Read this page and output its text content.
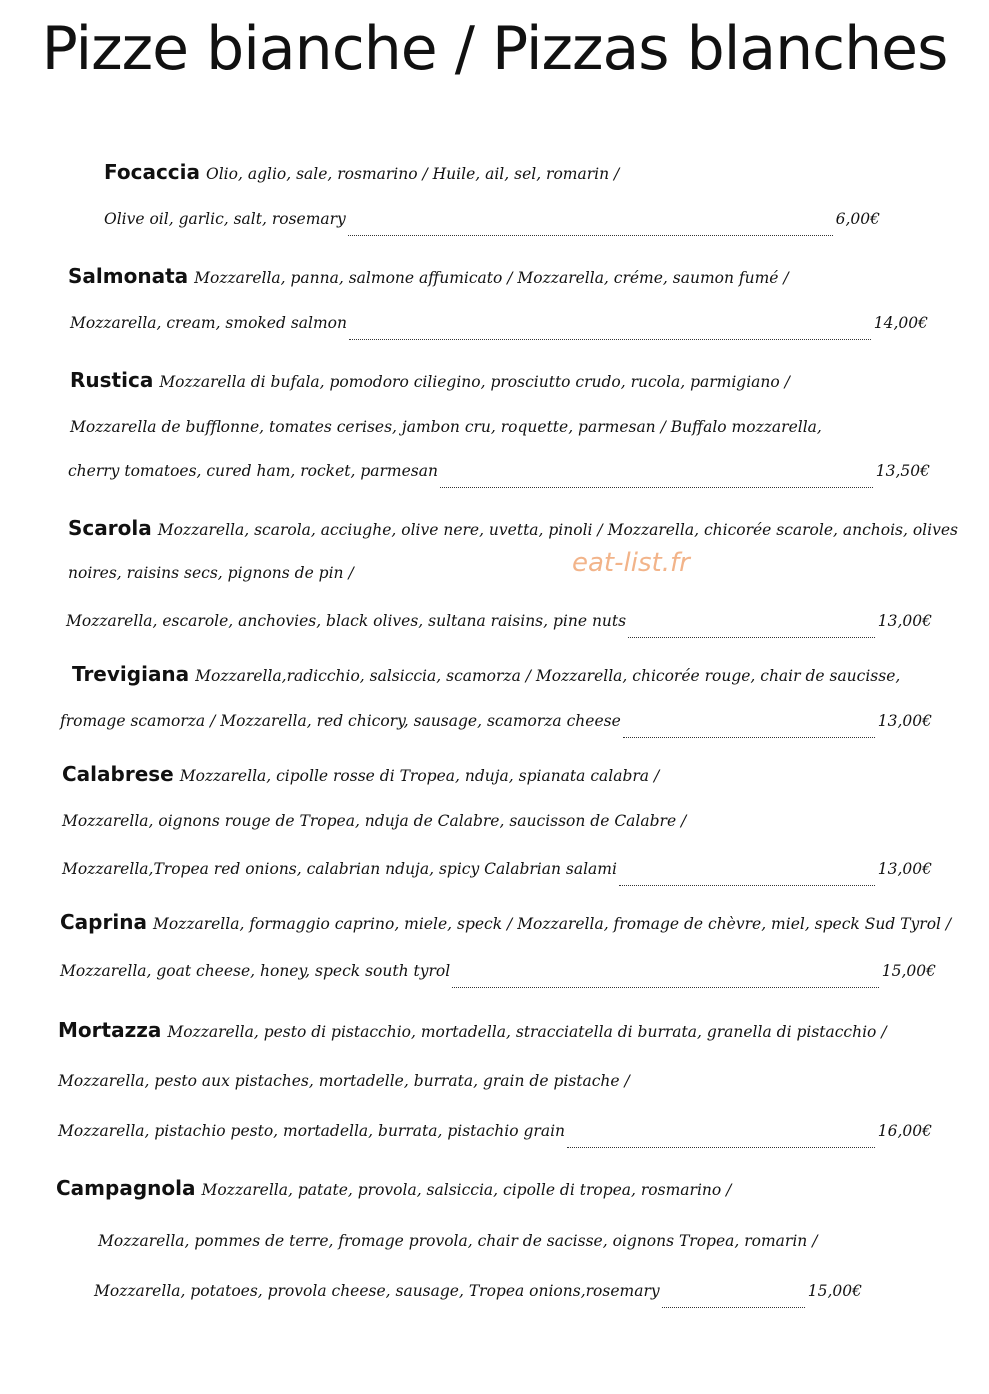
Pizze bianche / Pizzas blanches
Focaccia Olio, aglio, sale, rosmarino / Huile, ail, sel, romarin /
Olive oil, garlic, salt, rosemary	6,00€
Salmonata Mozzarella, panna, salmone affumicato / Mozzarella, créme, saumon fumé /
Mozzarella, cream, smoked salmon	14,00€
Rustica Mozzarella di bufala, pomodoro ciliegino, prosciutto crudo, rucola, parmigiano /
Mozzarella de bufflonne, tomates cerises, jambon cru, roquette, parmesan / Buffalo mozzarella,
cherry tomatoes, cured ham, rocket, parmesan	13,50€
Scarola Mozzarella, scarola, acciughe, olive nere, uvetta, pinoli / Mozzarella, chicorée scarole, anchois, olives
noires, raisins secs, pignons de pin /
Mozzarella, escarole, anchovies, black olives, sultana raisins, pine nuts	13,00€
Trevigiana Mozzarella,radicchio, salsiccia, scamorza / Mozzarella, chicorée rouge, chair de saucisse,
fromage scamorza / Mozzarella, red chicory, sausage, scamorza cheese	13,00€
Calabrese Mozzarella, cipolle rosse di Tropea, nduja, spianata calabra /
Mozzarella, oignons rouge de Tropea, nduja de Calabre, saucisson de Calabre /
Mozzarella,Tropea red onions, calabrian nduja, spicy Calabrian salami	13,00€
Caprina Mozzarella, formaggio caprino, miele, speck / Mozzarella, fromage de chèvre, miel, speck Sud Tyrol /
Mozzarella, goat cheese, honey, speck south tyrol	15,00€
Mortazza Mozzarella, pesto di pistacchio, mortadella, stracciatella di burrata, granella di pistacchio /
Mozzarella, pesto aux pistaches, mortadelle, burrata, grain de pistache /
Mozzarella, pistachio pesto, mortadella, burrata, pistachio grain	16,00€
Campagnola Mozzarella, patate, provola, salsiccia, cipolle di tropea, rosmarino /
Mozzarella, pommes de terre, fromage provola, chair de sacisse, oignons Tropea, romarin /
Mozzarella, potatoes, provola cheese, sausage, Tropea onions,rosemary	15,00€
eat-list.fr
